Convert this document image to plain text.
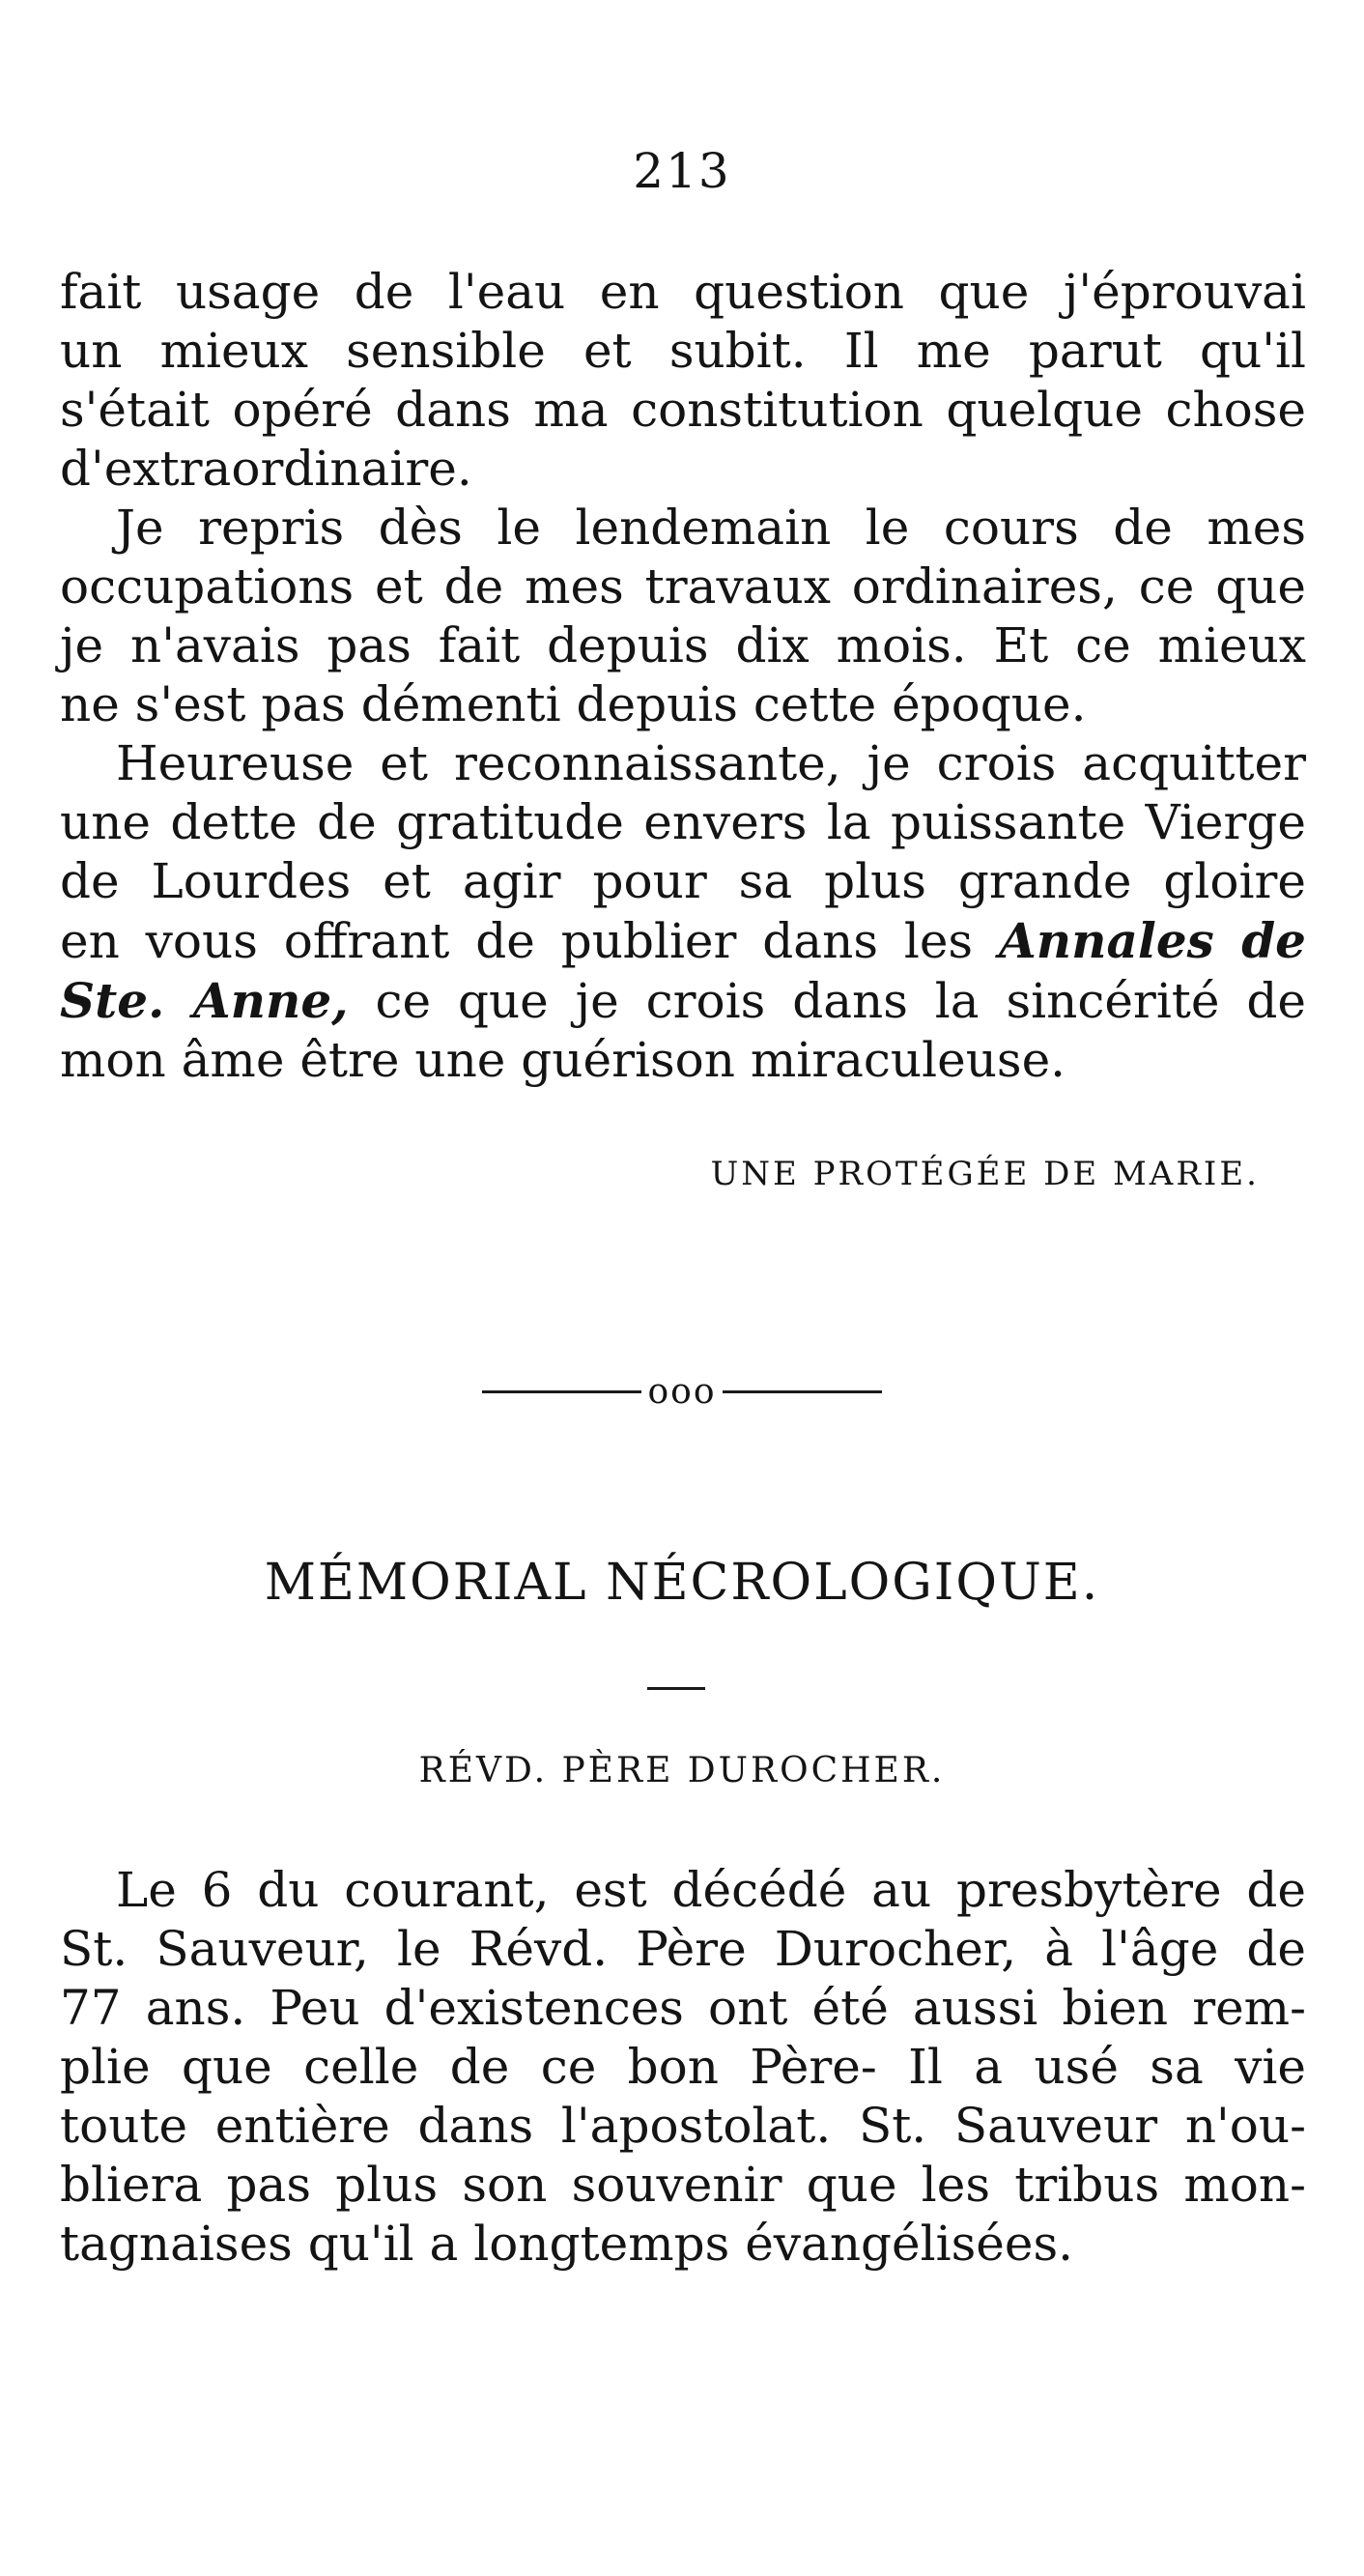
213
fait usage de l'eau en question que j'éprouvai
un mieux sensible et subit. Il me parut qu'il
s'était opéré dans ma constitution quelque chose
d'extraordinaire.
Je repris dès le lendemain le cours de mes
occupations et de mes travaux ordinaires, ce que
je n'avais pas fait depuis dix mois. Et ce mieux
ne s'est pas démenti depuis cette époque.
Heureuse et reconnaissante, je crois acquitter
une dette de gratitude envers la puissante Vierge
de Lourdes et agir pour sa plus grande gloire
en vous offrant de publier dans les Annales de
Ste. Anne, ce que je crois dans la sincérité de
mon âme être une guérison miraculeuse.
UNE PROTÉGÉE DE MARIE.
ooo
MÉMORIAL NÉCROLOGIQUE.
RÉVD. PÈRE DUROCHER.
Le 6 du courant, est décédé au presbytère de
St. Sauveur, le Révd. Père Durocher, à l'âge de
77 ans. Peu d'existences ont été aussi bien rem-
plie que celle de ce bon Père- Il a usé sa vie
toute entière dans l'apostolat. St. Sauveur n'ou-
bliera pas plus son souvenir que les tribus mon-
tagnaises qu'il a longtemps évangélisées.
